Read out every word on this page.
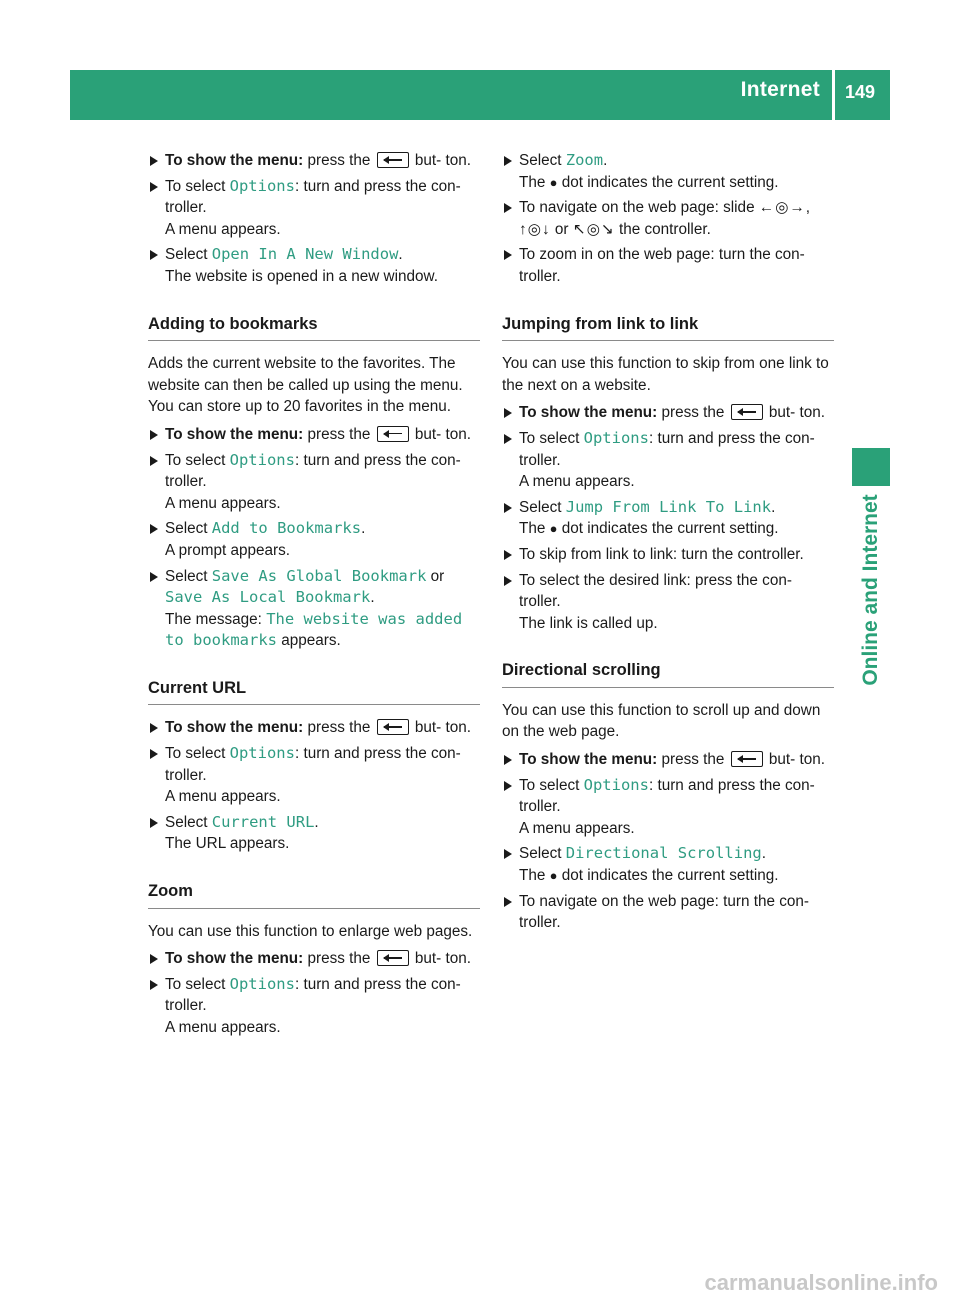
Internet 149
Online and Internet
To show the menu: press the	but- ton.
To select Options: turn and press the con- troller.
A menu appears.
Select Open In A New Window.
The website is opened in a new window.
Adding to bookmarks
Adds the current website to the favorites. The website can then be called up using the menu. You can store up to 20 favorites in the menu.
To show the menu: press the	but- ton.
To select Options: turn and press the con- troller.
A menu appears.
Select Add to Bookmarks.
A prompt appears.
Select Save As Global Bookmark or
Save As Local Bookmark.
The message: The website was added to bookmarks appears.
Current URL
To show the menu: press the	but- ton.
To select Options: turn and press the con- troller.
A menu appears.
Select Current URL.
The URL appears.
Zoom
You can use this function to enlarge web pages.
To show the menu: press the	but- ton.
To select Options: turn and press the con- troller.
A menu appears.
Select Zoom.
The ● dot indicates the current setting.
To navigate on the web page: slide ←◎→,
↑◎↓ or ↖◎↘ the controller.
To zoom in on the web page: turn the con- troller.
Jumping from link to link
You can use this function to skip from one link to the next on a website.
To show the menu: press the	but- ton.
To select Options: turn and press the con- troller.
A menu appears.
Select Jump From Link To Link.
The ● dot indicates the current setting.
To skip from link to link: turn the controller.
To select the desired link: press the con- troller.
The link is called up.
Directional scrolling
You can use this function to scroll up and down on the web page.
To show the menu: press the	but- ton.
To select Options: turn and press the con- troller.
A menu appears.
Select Directional Scrolling.
The ● dot indicates the current setting.
To navigate on the web page: turn the con- troller.
carmanualsonline.info
